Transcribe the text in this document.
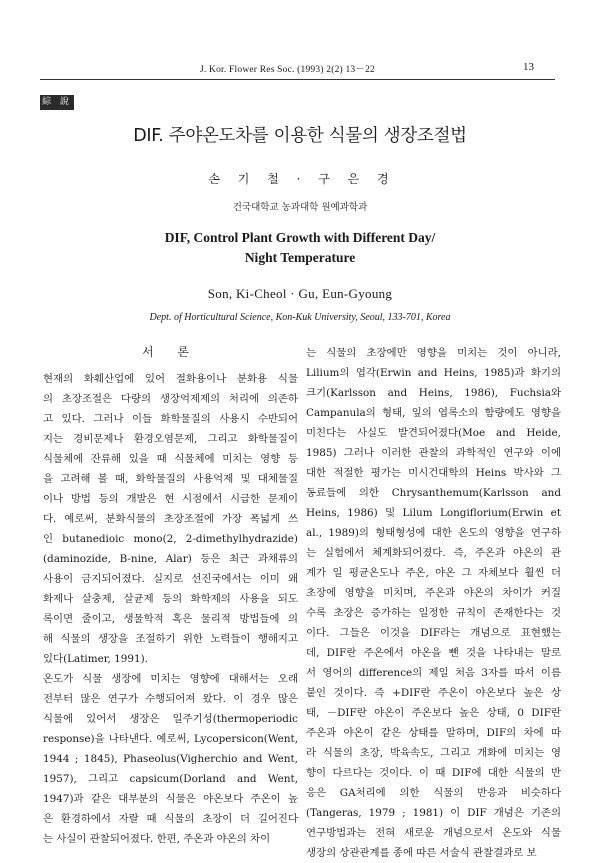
J. Kor. Flower Res Soc. (1993) 2(2) 13－22	13
綜 說
DIF. 주야온도차를 이용한 식물의 생장조절법
손 기 철 · 구 은 경
건국대학교 농과대학 원예과학과
DIF, Control Plant Growth with Different Day/
Night Temperature
Son, Ki-Cheol · Gu, Eun-Gyoung
Dept. of Horticultural Science, Kon-Kuk University, Seoul, 133-701, Korea
서 론
현재의 화훼산업에 있어 절화용이나 분화용 식물
의 초장조절은 다량의 생장억제제의 처리에 의존하
고 있다. 그러나 이들 화학물질의 사용시 수반되어
지는 경비문제나 환경오염문제, 그리고 화학물질이
식물체에 잔류해 있을 때 식물체에 미치는 영향 등
을 고려해 볼 때, 화학물질의 사용억제 및 대체물질
이나 방법 등의 개발은 현 시점에서 시급한 문제이
다. 예로써, 분화식물의 초장조절에 가장 폭넓게 쓰
인 butanedioic mono(2, 2-dimethylhydrazide)
(daminozide, B-nine, Alar) 등은 최근 과채류의
사용이 금지되어졌다. 실지로 선진국에서는 이미 왜
화제나 살충제, 살균제 등의 화학제의 사용을 되도
록이면 줄이고, 생물학적 혹은 물리적 방법들에 의
해 식물의 생장을 조절하기 위한 노력들이 행해지고
있다(Latimer, 1991).
온도가 식물 생장에 미치는 영향에 대해서는 오래
전부터 많은 연구가 수행되어져 왔다. 이 경우 많은
식물에 있어서 생장은 일주기성(thermoperiodic
response)을 나타낸다. 예로써, Lycopersicon(Went,
1944 ; 1845), Phaseolus(Vigherchio and Went,
1957), 그리고 capsicum(Dorland and Went,
1947)과 같은 대부분의 식물은 야온보다 주온이 높
은 환경하에서 자랄 때 식물의 초장이 더 길어진다
는 사실이 관찰되어졌다. 한편, 주온과 야온의 차이
는 식물의 초장에만 영향을 미치는 것이 아니라,
Lilium의 엽각(Erwin and Heins, 1985)과 화기의
크기(Karlsson and Heins, 1986), Fuchsia와
Campanula의 형태, 잎의 엽록소의 함량에도 영향을
미친다는 사실도 발견되어졌다(Moe and Heide,
1985) 그러나 이러한 관찰의 과학적인 연구와 이에
대한 적절한 평가는 미시건대학의 Heins 박사와 그
동료들에 의한 Chrysanthemum(Karlsson and
Heins, 1986) 및 Lilum Longiflorium(Erwin et
al., 1989)의 형태형성에 대한 온도의 영향을 연구하
는 실험에서 체계화되어졌다. 즉, 주온과 야온의 관
계가 일 평균온도나 주온, 야온 그 자체보다 훨씬 더
초장에 영향을 미치며, 주온과 야온의 차이가 커질
수록 초장은 증가하는 일정한 규칙이 존재한다는 것
이다. 그들은 이것을 DIF라는 개념으로 표현했는
데, DIF란 주온에서 야온을 뺀 것을 나타내는 말로
서 영어의 difference의 제일 처음 3자를 따서 이름
붙인 것이다. 즉 +DIF란 주온이 야온보다 높은 상
태, －DIF란 야온이 주온보다 높은 상태, 0 DIF란
주온과 야온이 같은 상태를 말하며, DIF의 차에 따
라 식물의 초장, 박육속도, 그리고 개화에 미치는 영
향이 다르다는 것이다. 이 때 DIF에 대한 식물의 반
응은 GA처리에 의한 식물의 반응과 비슷하다
(Tangeras, 1979 ; 1981) 이 DIF 개념은 기존의
연구방법과는 전혀 새로운 개념으로서 온도와 식물
생장의 상관관계를 종에 따른 서술식 관찰결과로 보
